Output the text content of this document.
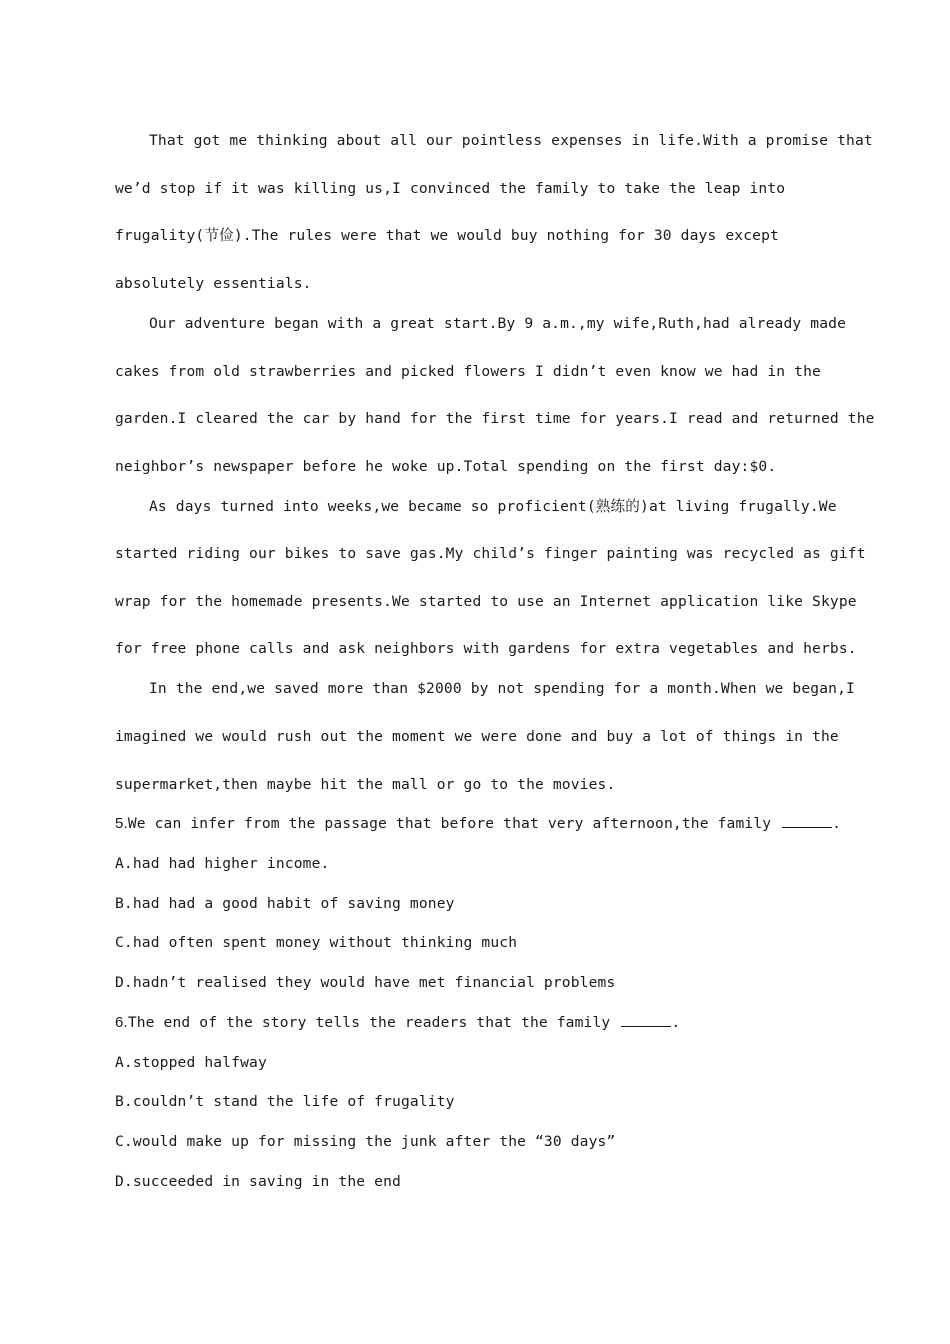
That got me thinking about all our pointless expenses in life.With a promise that
we’d stop if it was killing us,I convinced the family to take the leap into
frugality(节俭).The rules were that we would buy nothing for 30 days except
absolutely essentials.
Our adventure began with a great start.By 9 a.m.,my wife,Ruth,had already made
cakes from old strawberries and picked flowers I didn’t even know we had in the
garden.I cleared the car by hand for the first time for years.I read and returned the
neighbor’s newspaper before he woke up.Total spending on the first day:$0.
As days turned into weeks,we became so proficient(熟练的)at living frugally.We
started riding our bikes to save gas.My child’s finger painting was recycled as gift
wrap for the homemade presents.We started to use an Internet application like Skype
for free phone calls and ask neighbors with gardens for extra vegetables and herbs.
In the end,we saved more than $2000 by not spending for a month.When we began,I
imagined we would rush out the moment we were done and buy a lot of things in the
supermarket,then maybe hit the mall or go to the movies.
5.We can infer from the passage that before that very afternoon,the family	.
A.had had higher income.
B.had had a good habit of saving money
C.had often spent money without thinking much
D.hadn’t realised they would have met financial problems
6.The end of the story tells the readers that the family	.
A.stopped halfway
B.couldn’t stand the life of frugality
C.would make up for missing the junk after the “30 days”
D.succeeded in saving in the end
